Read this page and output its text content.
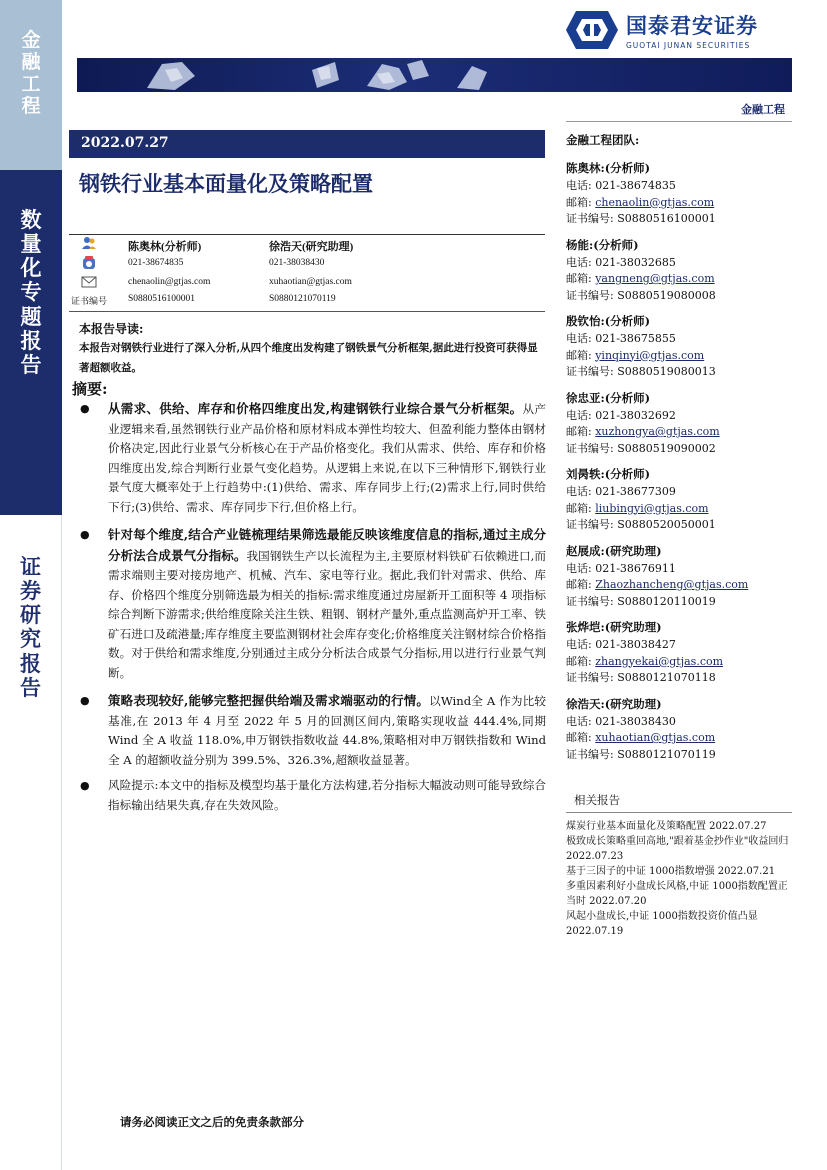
金
融
工
程
数
量
化
专
题
报
告
证
券
研
究
报
告
国泰君安证券
GUOTAI JUNAN SECURITIES
金融工程
2022.07.27
钢铁行业基本面量化及策略配置
陈奥林(分析师)	徐浩天(研究助理)
021-38674835	021-38038430
chenaolin@gtjas.com	xuhaotian@gtjas.com
证书编号 S0880516100001	S0880121070119
本报告导读:
本报告对钢铁行业进行了深入分析,从四个维度出发构建了钢铁景气分析框架,据此进行投资可获得显著超额收益。
摘要:
● 从需求、供给、库存和价格四维度出发,构建钢铁行业综合景气分析框架。从产业逻辑来看,虽然钢铁行业产品价格和原材料成本弹性均较大、但盈利能力整体由钢材价格决定,因此行业景气分析核心在于产品价格变化。我们从需求、供给、库存和价格四维度出发,综合判断行业景气变化趋势。从逻辑上来说,在以下三种情形下,钢铁行业景气度大概率处于上行趋势中:(1)供给、需求、库存同步上行;(2)需求上行,同时供给下行;(3)供给、需求、库存同步下行,但价格上行。
● 针对每个维度,结合产业链梳理结果筛选最能反映该维度信息的指标,通过主成分分析法合成景气分指标。我国钢铁生产以长流程为主,主要原材料铁矿石依赖进口,而需求端则主要对接房地产、机械、汽车、家电等行业。据此,我们针对需求、供给、库存、价格四个维度分别筛选最为相关的指标:需求维度通过房屋新开工面积等 4 项指标综合判断下游需求;供给维度除关注生铁、粗钢、钢材产量外,重点监测高炉开工率、铁矿石进口及疏港量;库存维度主要监测钢材社会库存变化;价格维度关注钢材综合价格指数。对于供给和需求维度,分别通过主成分分析法合成景气分指标,用以进行行业景气判断。
● 策略表现较好,能够完整把握供给端及需求端驱动的行情。以Wind全 A 作为比较基准,在 2013 年 4 月至 2022 年 5 月的回测区间内,策略实现收益 444.4%,同期 Wind 全 A 收益 118.0%,申万钢铁指数收益 44.8%,策略相对申万钢铁指数和 Wind 全 A 的超额收益分别为 399.5%、326.3%,超额收益显著。
● 风险提示:本文中的指标及模型均基于量化方法构建,若分指标大幅波动则可能导致综合指标输出结果失真,存在失效风险。
金融工程团队:
陈奥林:(分析师)
电话: 021-38674835
邮箱: chenaolin@gtjas.com
证书编号: S0880516100001
杨能:(分析师)
电话: 021-38032685
邮箱: yangneng@gtjas.com
证书编号: S0880519080008
殷钦怡:(分析师)
电话: 021-38675855
邮箱: yinqinyi@gtjas.com
证书编号: S0880519080013
徐忠亚:(分析师)
电话: 021-38032692
邮箱: xuzhongya@gtjas.com
证书编号: S0880519090002
刘昺轶:(分析师)
电话: 021-38677309
邮箱: liubingyi@gtjas.com
证书编号: S0880520050001
赵展成:(研究助理)
电话: 021-38676911
邮箱: Zhaozhancheng@gtjas.com
证书编号: S0880120110019
张烨垲:(研究助理)
电话: 021-38038427
邮箱: zhangyekai@gtjas.com
证书编号: S0880121070118
徐浩天:(研究助理)
电话: 021-38038430
邮箱: xuhaotian@gtjas.com
证书编号: S0880121070119
相关报告
煤炭行业基本面量化及策略配置 2022.07.27
极致成长策略重回高地,"跟着基金抄作业"收益回归 2022.07.23
基于三因子的中证 1000指数增强 2022.07.21
多重因素利好小盘成长风格,中证 1000指数配置正当时 2022.07.20
风起小盘成长,中证 1000指数投资价值凸显 2022.07.19
请务必阅读正文之后的免责条款部分
